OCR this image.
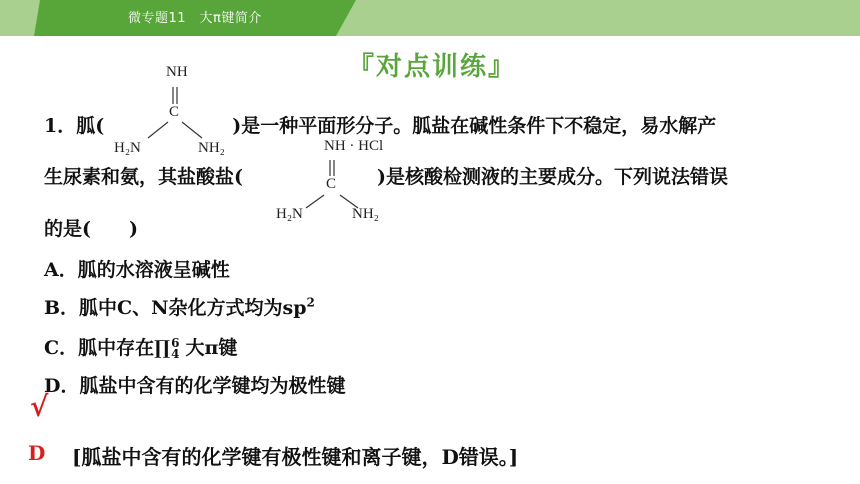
微专题11　大π键简介
『对点训练』
1．胍(	)是一种平面形分子。胍盐在碱性条件下不稳定，易水解产
NH
C
H₂N	NH₂
生尿素和氨，其盐酸盐(	)是核酸检测液的主要成分。下列说法错误
NH · HCl
C
H₂N	NH₂
的是(　　)
A．胍的水溶液呈碱性
B．胍中C、N杂化方式均为$sp^2$
C．胍中存在∏ 6
4 大π键
D．胍盐中含有的化学键均为极性键
√
D [胍盐中含有的化学键有极性键和离子键，D错误。]
